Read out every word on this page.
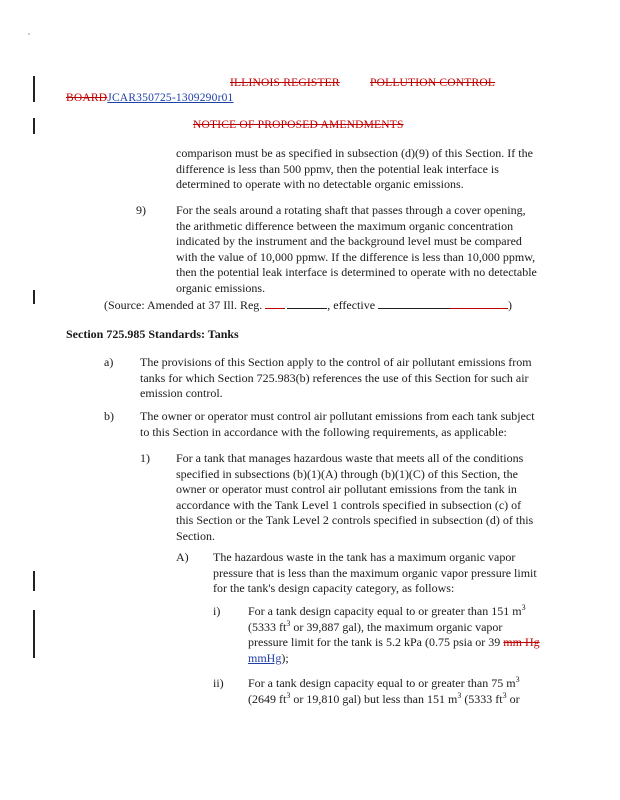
ILLINOIS REGISTER	POLLUTION CONTROL
BOARDJCAR350725-1309290r01
NOTICE OF PROPOSED AMENDMENTS
comparison must be as specified in subsection (d)(9) of this Section. If the difference is less than 500 ppmv, then the potential leak interface is determined to operate with no detectable organic emissions.
9)	For the seals around a rotating shaft that passes through a cover opening, the arithmetic difference between the maximum organic concentration indicated by the instrument and the background level must be compared with the value of 10,000 ppmw. If the difference is less than 10,000 ppmw, then the potential leak interface is determined to operate with no detectable organic emissions.
(Source: Amended at 37 Ill. Reg.	, effective	)
Section 725.985 Standards: Tanks
a) The provisions of this Section apply to the control of air pollutant emissions from tanks for which Section 725.983(b) references the use of this Section for such air emission control.
b) The owner or operator must control air pollutant emissions from each tank subject to this Section in accordance with the following requirements, as applicable:
1) For a tank that manages hazardous waste that meets all of the conditions specified in subsections (b)(1)(A) through (b)(1)(C) of this Section, the owner or operator must control air pollutant emissions from the tank in accordance with the Tank Level 1 controls specified in subsection (c) of this Section or the Tank Level 2 controls specified in subsection (d) of this Section.
A) The hazardous waste in the tank has a maximum organic vapor pressure that is less than the maximum organic vapor pressure limit for the tank's design capacity category, as follows:
i) For a tank design capacity equal to or greater than 151 $m^3$
(5333 $ft^3$ or 39,887 gal), the maximum organic vapor
pressure limit for the tank is 5.2 kPa (0.75 psia or 39 mm Hg
mmHg);
ii) For a tank design capacity equal to or greater than 75 $m^3$
(2649 $ft^3$ or 19,810 gal) but less than 151 $m^3$ (5333 $ft^3$ or
